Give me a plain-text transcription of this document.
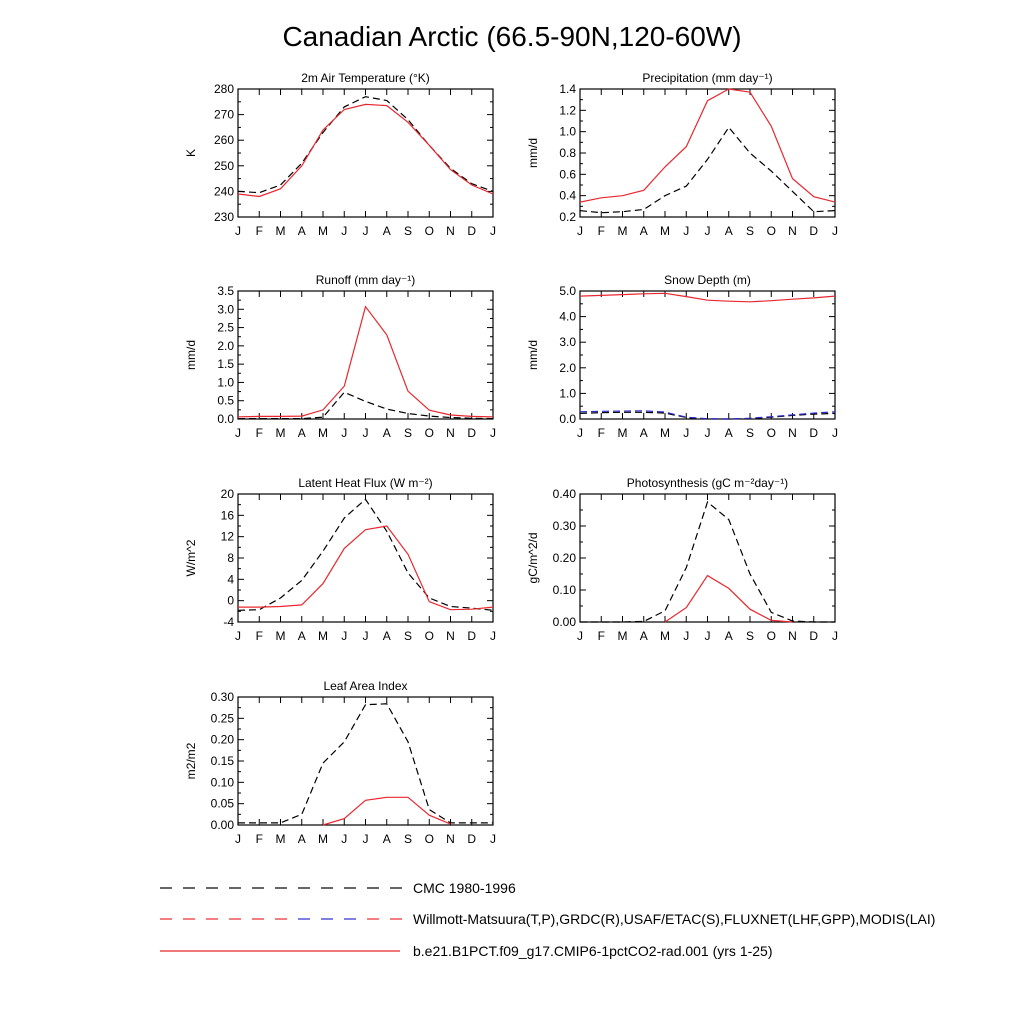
Canadian Arctic (66.5-90N,120-60W)
2m Air Temperature (°K)
K
230
240
250
260
270
280
J F M A M J J A S O N D J
Precipitation (mm day⁻¹)
mm/d
0.2
0.4
0.6
0.8
1.0
1.2
1.4
J F M A M J J A S O N D J
Runoff (mm day⁻¹)
mm/d
0.0
0.5
1.0
1.5
2.0
2.5
3.0
3.5
J F M A M J J A S O N D J
Snow Depth (m)
mm/d
0.0
1.0
2.0
3.0
4.0
5.0
J F M A M J J A S O N D J
Latent Heat Flux (W m⁻²)
W/m^2
-4
0
4
8
12
16
20
J F M A M J J A S O N D J
Photosynthesis (gC m⁻²day⁻¹)
gC/m^2/d
0.00
0.10
0.20
0.30
0.40
J F M A M J J A S O N D J
Leaf Area Index
m2/m2
0.00
0.05
0.10
0.15
0.20
0.25
0.30
J F M A M J J A S O N D J
CMC 1980-1996
Willmott-Matsuura(T,P),GRDC(R),USAF/ETAC(S),FLUXNET(LHF,GPP),MODIS(LAI)
b.e21.B1PCT.f09_g17.CMIP6-1pctCO2-rad.001 (yrs 1-25)
